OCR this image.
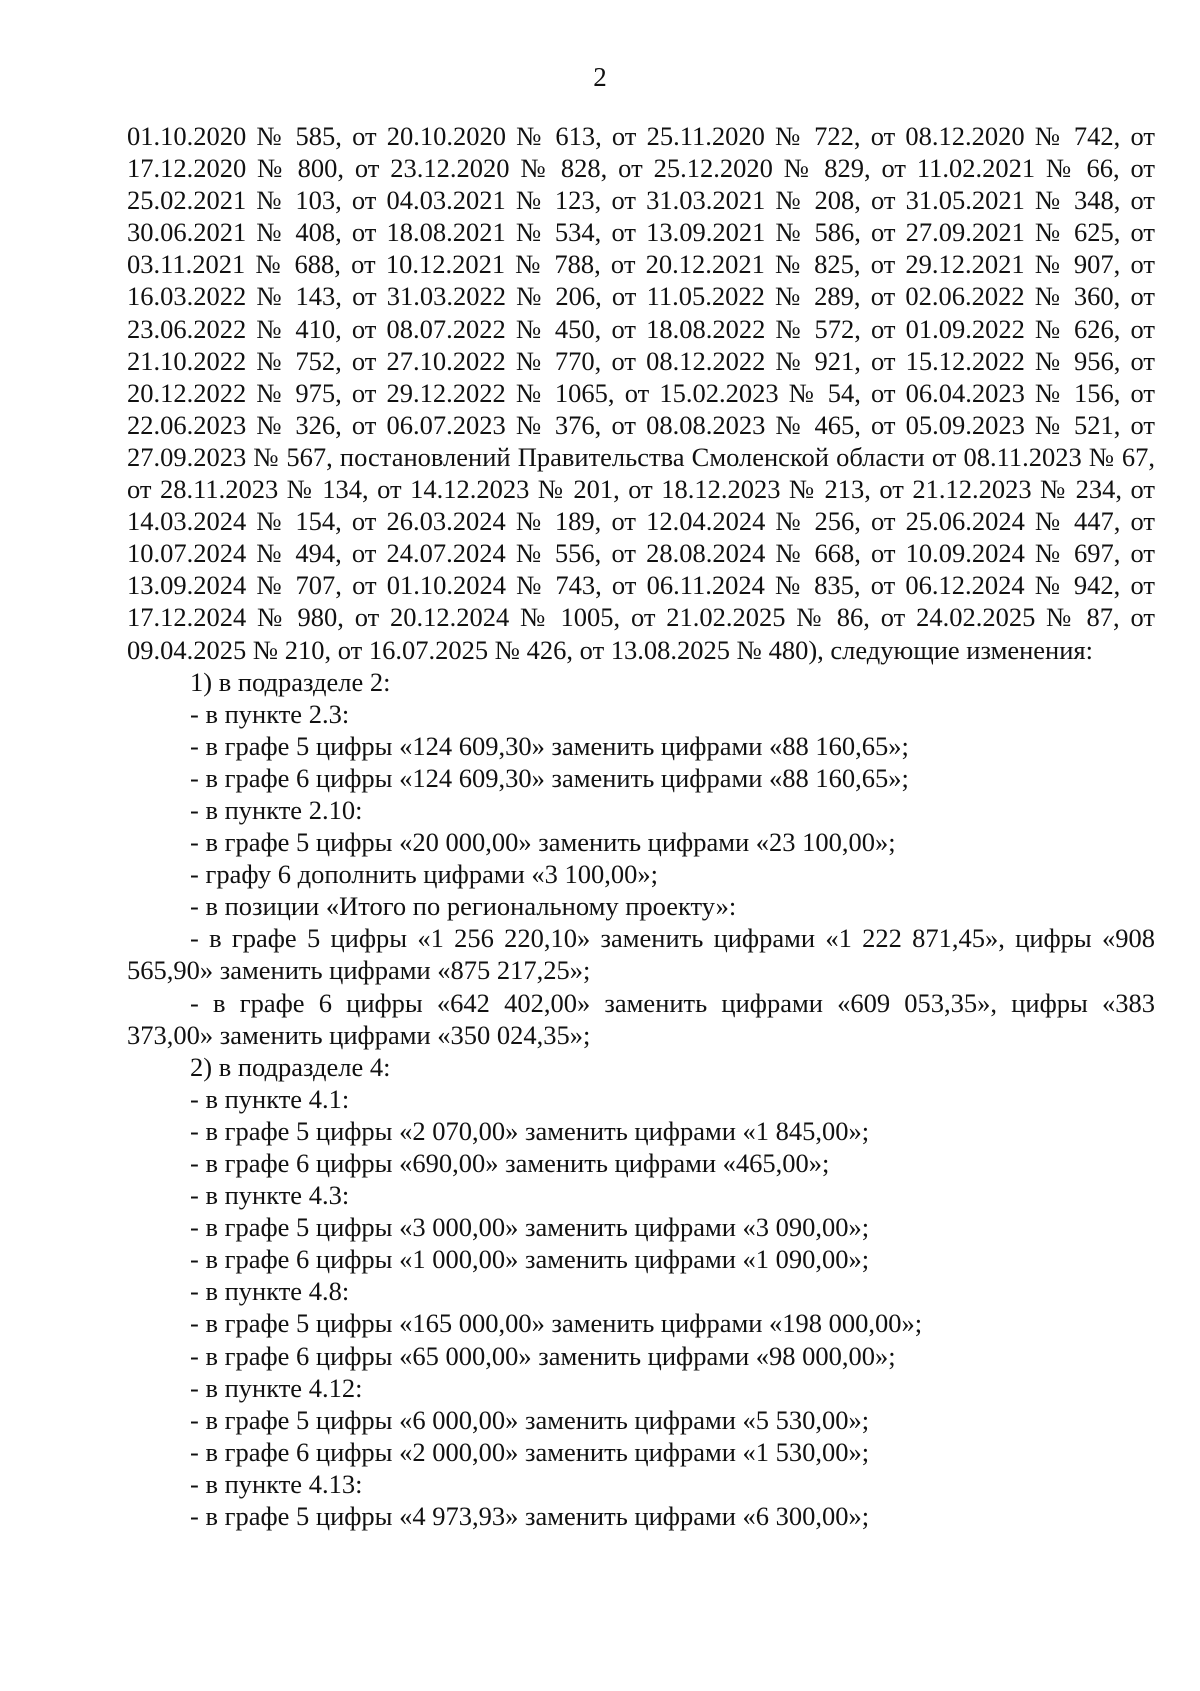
2

01.10.2020 № 585, от 20.10.2020 № 613, от 25.11.2020 № 722, от 08.12.2020 № 742, от 17.12.2020 № 800, от 23.12.2020 № 828, от 25.12.2020 № 829, от 11.02.2021 № 66, от 25.02.2021 № 103, от 04.03.2021 № 123, от 31.03.2021 № 208, от 31.05.2021 № 348, от 30.06.2021 № 408, от 18.08.2021 № 534, от 13.09.2021 № 586, от 27.09.2021 № 625, от 03.11.2021 № 688, от 10.12.2021 № 788, от 20.12.2021 № 825, от 29.12.2021 № 907, от 16.03.2022 № 143, от 31.03.2022 № 206, от 11.05.2022 № 289, от 02.06.2022 № 360, от 23.06.2022 № 410, от 08.07.2022 № 450, от 18.08.2022 № 572, от 01.09.2022 № 626, от 21.10.2022 № 752, от 27.10.2022 № 770, от 08.12.2022 № 921, от 15.12.2022 № 956, от 20.12.2022 № 975, от 29.12.2022 № 1065, от 15.02.2023 № 54, от 06.04.2023 № 156, от 22.06.2023 № 326, от 06.07.2023 № 376, от 08.08.2023 № 465, от 05.09.2023 № 521, от 27.09.2023 № 567, постановлений Правительства Смоленской области от 08.11.2023 № 67, от 28.11.2023 № 134, от 14.12.2023 № 201, от 18.12.2023 № 213, от 21.12.2023 № 234, от 14.03.2024 № 154, от 26.03.2024 № 189, от 12.04.2024 № 256, от 25.06.2024 № 447, от 10.07.2024 № 494, от 24.07.2024 № 556, от 28.08.2024 № 668, от 10.09.2024 № 697, от 13.09.2024 № 707, от 01.10.2024 № 743, от 06.11.2024 № 835, от 06.12.2024 № 942, от 17.12.2024 № 980, от 20.12.2024 № 1005, от 21.02.2025 № 86, от 24.02.2025 № 87, от 09.04.2025 № 210, от 16.07.2025 № 426, от 13.08.2025 № 480), следующие изменения:

1) в подразделе 2:

- в пункте 2.3:

- в графе 5 цифры «124 609,30» заменить цифрами «88 160,65»;

- в графе 6 цифры «124 609,30» заменить цифрами «88 160,65»;

- в пункте 2.10:

- в графе 5 цифры «20 000,00» заменить цифрами «23 100,00»;

- графу 6 дополнить цифрами «3 100,00»;

- в позиции «Итого по региональному проекту»:

- в графе 5 цифры «1 256 220,10» заменить цифрами «1 222 871,45», цифры «908 565,90» заменить цифрами «875 217,25»;

- в графе 6 цифры «642 402,00» заменить цифрами «609 053,35», цифры «383 373,00» заменить цифрами «350 024,35»;

2) в подразделе 4:

- в пункте 4.1:

- в графе 5 цифры «2 070,00» заменить цифрами «1 845,00»;

- в графе 6 цифры «690,00» заменить цифрами «465,00»;

- в пункте 4.3:

- в графе 5 цифры «3 000,00» заменить цифрами «3 090,00»;

- в графе 6 цифры «1 000,00» заменить цифрами «1 090,00»;

- в пункте 4.8:

- в графе 5 цифры «165 000,00» заменить цифрами «198 000,00»;

- в графе 6 цифры «65 000,00» заменить цифрами «98 000,00»;

- в пункте 4.12:

- в графе 5 цифры «6 000,00» заменить цифрами «5 530,00»;

- в графе 6 цифры «2 000,00» заменить цифрами «1 530,00»;

- в пункте 4.13:

- в графе 5 цифры «4 973,93» заменить цифрами «6 300,00»;
